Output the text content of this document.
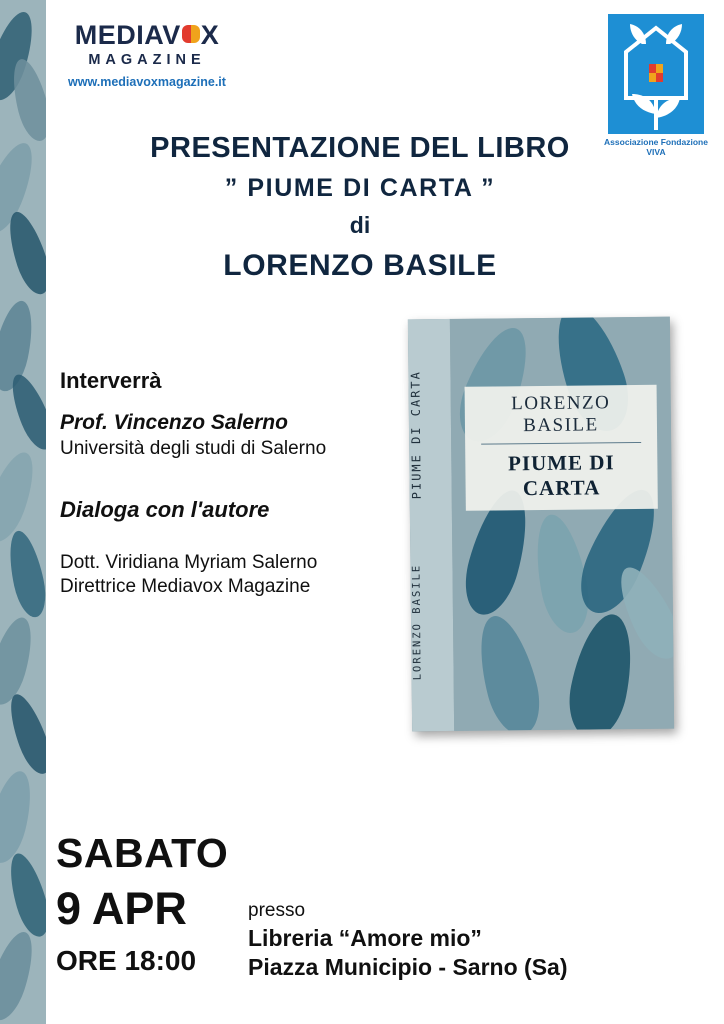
MEDIAV X
MAGAZINE
www.mediavoxmagazine.it
Associazione Fondazione
VIVA
PRESENTAZIONE DEL LIBRO
” PIUME DI CARTA ”
di
LORENZO BASILE
Interverrà
Prof. Vincenzo Salerno
Università degli studi di Salerno
Dialoga con l'autore
Dott. Viridiana Myriam Salerno
Direttrice Mediavox Magazine
PIUME DI CARTA
LORENZO BASILE
LORENZO BASILE
PIUME DI CARTA
SABATO
9 APR
ORE 18:00
presso
Libreria “Amore mio”
Piazza Municipio - Sarno (Sa)
